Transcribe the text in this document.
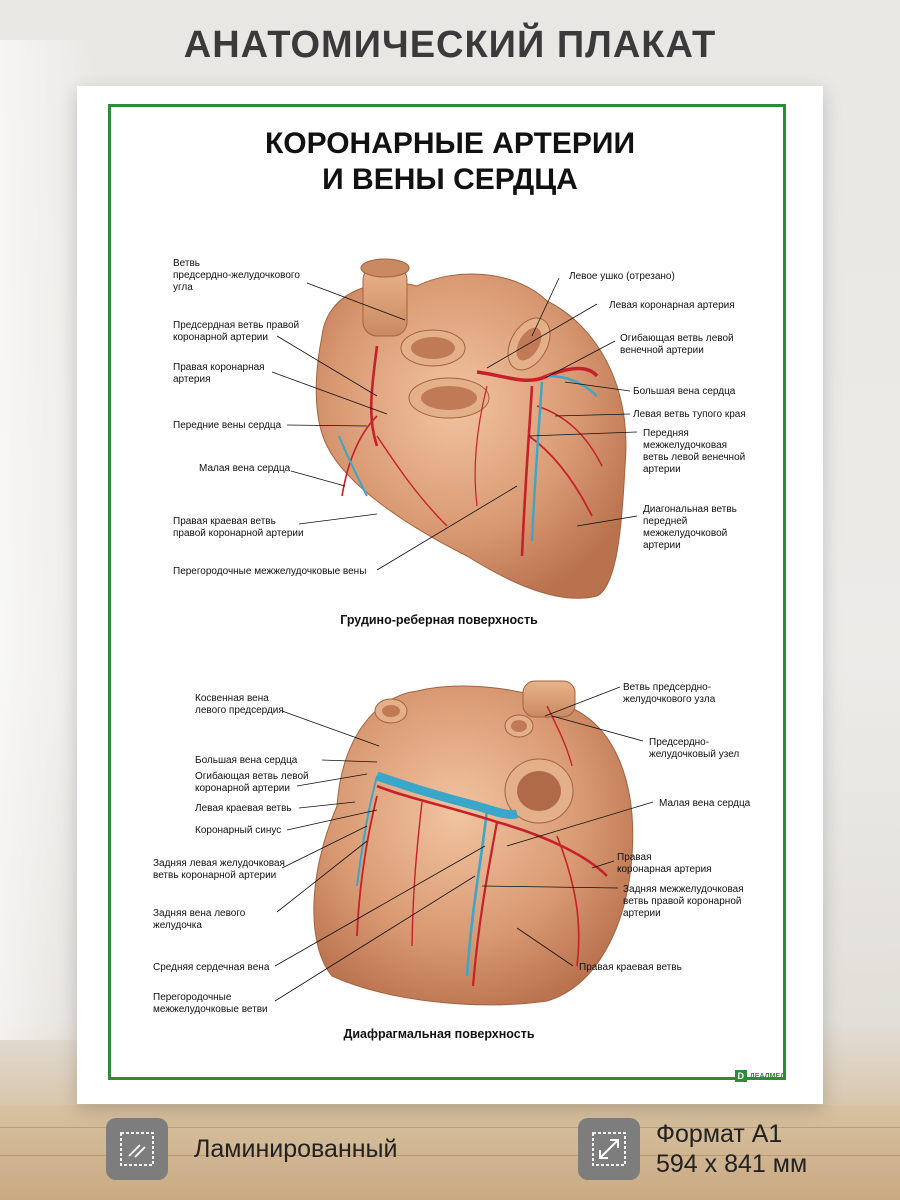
АНАТОМИЧЕСКИЙ ПЛАКАТ
КОРОНАРНЫЕ АРТЕРИИ
И ВЕНЫ СЕРДЦА
Ветвь предсердно-желудочкового угла
Предсердная ветвь правой коронарной артерии
Правая коронарная артерия
Передние вены сердца
Малая вена сердца
Правая краевая ветвь правой коронарной артерии
Перегородочные межжелудочковые вены
Левое ушко (отрезано)
Левая коронарная артерия
Огибающая ветвь левой венечной артерии
Большая вена сердца
Левая ветвь тупого края
Передняя межжелудочковая ветвь левой венечной артерии
Диагональная ветвь передней межжелудочковой артерии
Грудино-реберная поверхность
Косвенная вена левого предсердия
Большая вена сердца
Огибающая ветвь левой коронарной артерии
Левая краевая ветвь
Коронарный синус
Задняя левая желудочковая ветвь коронарной артерии
Задняя вена левого желудочка
Средняя сердечная вена
Перегородочные межжелудочковые ветви
Ветвь предсердно- желудочкового узла
Предсердно- желудочковый узел
Малая вена сердца
Правая коронарная артерия
Задняя межжелудочковая ветвь правой коронарной артерии
Правая краевая ветвь
Диафрагмальная поверхность
D ДЕАЛМЕД
Ламинированный
Формат А1
594 х 841 мм
